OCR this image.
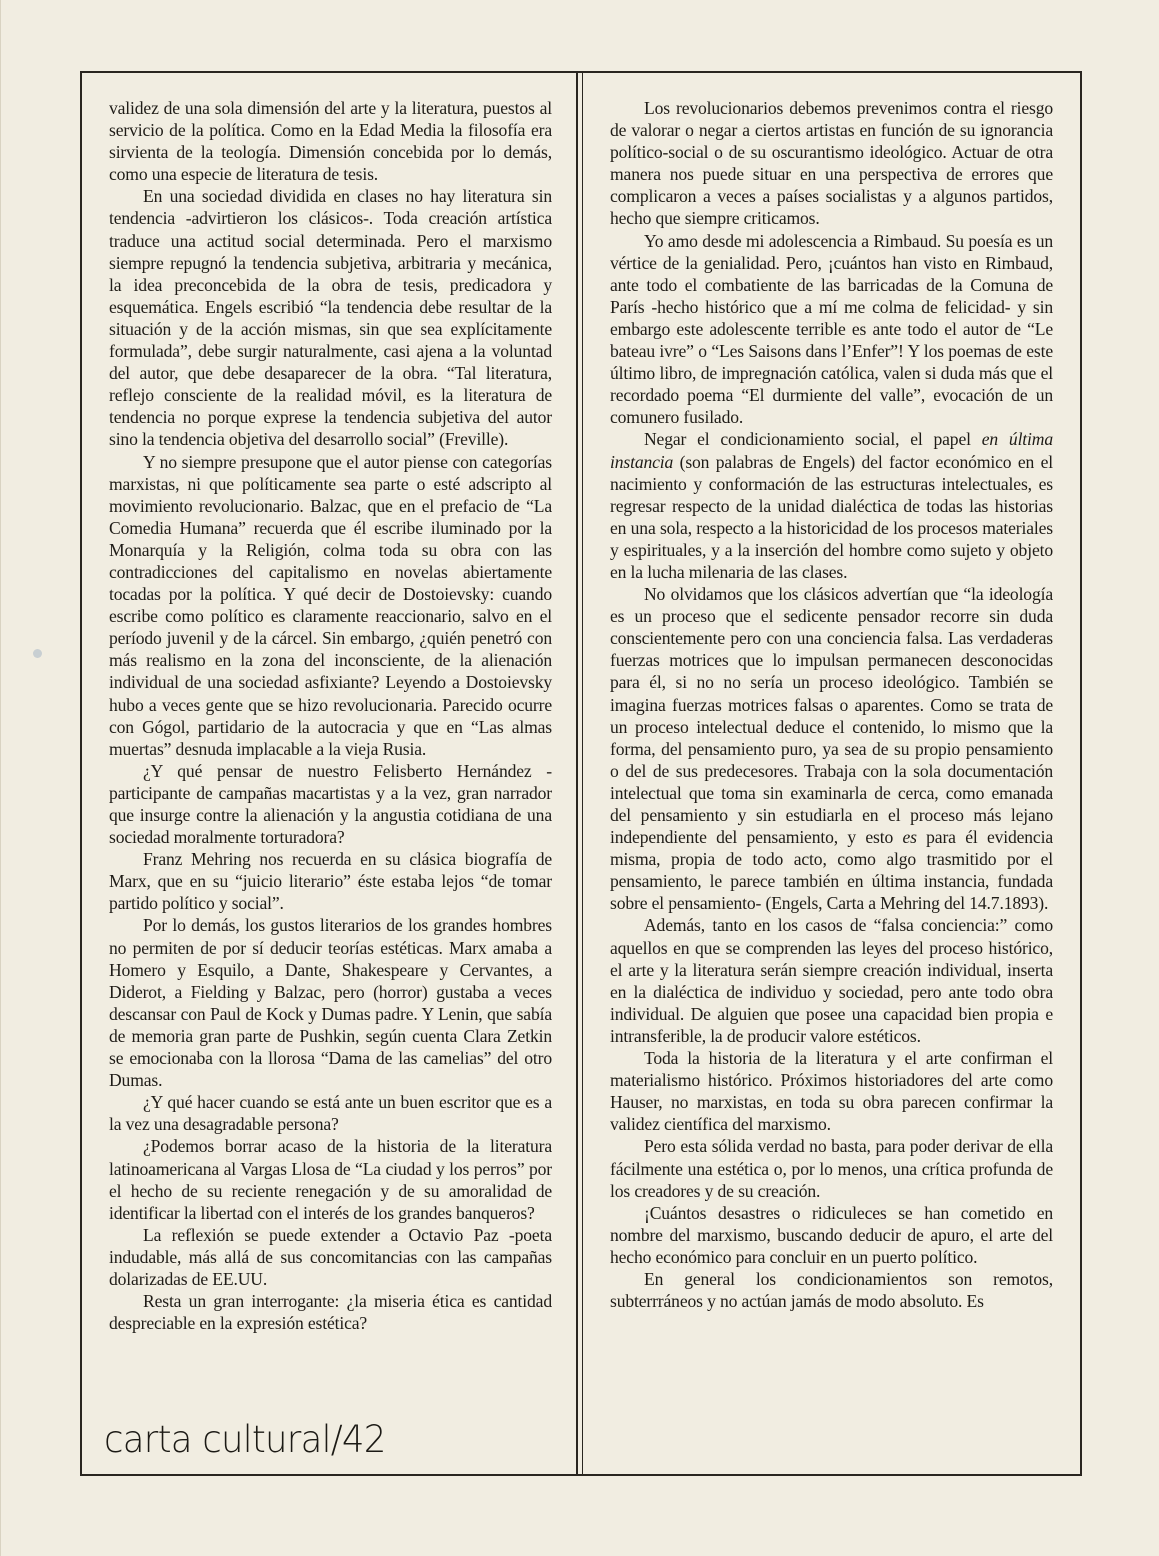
validez de una sola dimensión del arte y la literatura, puestos al servicio de la política. Como en la Edad Media la filosofía era sirvienta de la teología. Dimensión concebida por lo demás, como una especie de literatura de tesis.

En una sociedad dividida en clases no hay literatura sin tendencia -advirtieron los clásicos-. Toda creación artística traduce una actitud social determinada. Pero el marxismo siempre repugnó la tendencia subjetiva, arbitraria y mecánica, la idea preconcebida de la obra de tesis, predicadora y esquemática. Engels escribió “la tendencia debe resultar de la situación y de la acción mismas, sin que sea explícitamente formulada”, debe surgir naturalmente, casi ajena a la voluntad del autor, que debe desaparecer de la obra. “Tal literatura, reflejo consciente de la realidad móvil, es la literatura de tendencia no porque exprese la tendencia subjetiva del autor sino la tendencia objetiva del desarrollo social” (Freville).

Y no siempre presupone que el autor piense con categorías marxistas, ni que políticamente sea parte o esté adscripto al movimiento revolucionario. Balzac, que en el prefacio de “La Comedia Humana” recuerda que él escribe iluminado por la Monarquía y la Religión, colma toda su obra con las contradicciones del capitalismo en novelas abiertamente tocadas por la política. Y qué decir de Dostoievsky: cuando escribe como político es claramente reaccionario, salvo en el período juvenil y de la cárcel. Sin embargo, ¿quién penetró con más realismo en la zona del inconsciente, de la alienación individual de una sociedad asfixiante? Leyendo a Dostoievsky hubo a veces gente que se hizo revolucionaria. Parecido ocurre con Gógol, partidario de la autocracia y que en “Las almas muertas” desnuda implacable a la vieja Rusia.

¿Y qué pensar de nuestro Felisberto Hernández -participante de campañas macartistas y a la vez, gran narrador que insurge contre la alienación y la angustia cotidiana de una sociedad moralmente torturadora?

Franz Mehring nos recuerda en su clásica biografía de Marx, que en su “juicio literario” éste estaba lejos “de tomar partido político y social”.

Por lo demás, los gustos literarios de los grandes hombres no permiten de por sí deducir teorías estéticas. Marx amaba a Homero y Esquilo, a Dante, Shakespeare y Cervantes, a Diderot, a Fielding y Balzac, pero (horror) gustaba a veces descansar con Paul de Kock y Dumas padre. Y Lenin, que sabía de memoria gran parte de Pushkin, según cuenta Clara Zetkin se emocionaba con la llorosa “Dama de las camelias” del otro Dumas.

¿Y qué hacer cuando se está ante un buen escritor que es a la vez una desagradable persona?

¿Podemos borrar acaso de la historia de la literatura latinoamericana al Vargas Llosa de “La ciudad y los perros” por el hecho de su reciente renegación y de su amoralidad de identificar la libertad con el interés de los grandes banqueros?

La reflexión se puede extender a Octavio Paz -poeta indudable, más allá de sus concomitancias con las campañas dolarizadas de EE.UU.

Resta un gran interrogante: ¿la miseria ética es cantidad despreciable en la expresión estética?

Los revolucionarios debemos prevenimos contra el riesgo de valorar o negar a ciertos artistas en función de su ignorancia político-social o de su oscurantismo ideológico. Actuar de otra manera nos puede situar en una perspectiva de errores que complicaron a veces a países socialistas y a algunos partidos, hecho que siempre criticamos.

Yo amo desde mi adolescencia a Rimbaud. Su poesía es un vértice de la genialidad. Pero, ¡cuántos han visto en Rimbaud, ante todo el combatiente de las barricadas de la Comuna de París -hecho histórico que a mí me colma de felicidad- y sin embargo este adolescente terrible es ante todo el autor de “Le bateau ivre” o “Les Saisons dans l’Enfer”! Y los poemas de este último libro, de impregnación católica, valen si duda más que el recordado poema “El durmiente del valle”, evocación de un comunero fusilado.

Negar el condicionamiento social, el papel en última instancia (son palabras de Engels) del factor económico en el nacimiento y conformación de las estructuras intelectuales, es regresar respecto de la unidad dialéctica de todas las historias en una sola, respecto a la historicidad de los procesos materiales y espirituales, y a la inserción del hombre como sujeto y objeto en la lucha milenaria de las clases.

No olvidamos que los clásicos advertían que “la ideología es un proceso que el sedicente pensador recorre sin duda conscientemente pero con una conciencia falsa. Las verdaderas fuerzas motrices que lo impulsan permanecen desconocidas para él, si no no sería un proceso ideológico. También se imagina fuerzas motrices falsas o aparentes. Como se trata de un proceso intelectual deduce el contenido, lo mismo que la forma, del pensamiento puro, ya sea de su propio pensamiento o del de sus predecesores. Trabaja con la sola documentación intelectual que toma sin examinarla de cerca, como emanada del pensamiento y sin estudiarla en el proceso más lejano independiente del pensamiento, y esto es para él evidencia misma, propia de todo acto, como algo trasmitido por el pensamiento, le parece también en última instancia, fundada sobre el pensamiento- (Engels, Carta a Mehring del 14.7.1893).

Además, tanto en los casos de “falsa conciencia:” como aquellos en que se comprenden las leyes del proceso histórico, el arte y la literatura serán siempre creación individual, inserta en la dialéctica de individuo y sociedad, pero ante todo obra individual. De alguien que posee una capacidad bien propia e intransferible, la de producir valore estéticos.

Toda la historia de la literatura y el arte confirman el materialismo histórico. Próximos historiadores del arte como Hauser, no marxistas, en toda su obra parecen confirmar la validez científica del marxismo.

Pero esta sólida verdad no basta, para poder derivar de ella fácilmente una estética o, por lo menos, una crítica profunda de los creadores y de su creación.

¡Cuántos desastres o ridiculeces se han cometido en nombre del marxismo, buscando deducir de apuro, el arte del hecho económico para concluir en un puerto político.

En general los condicionamientos son remotos, subterrráneos y no actúan jamás de modo absoluto. Es

carta cultural/42
